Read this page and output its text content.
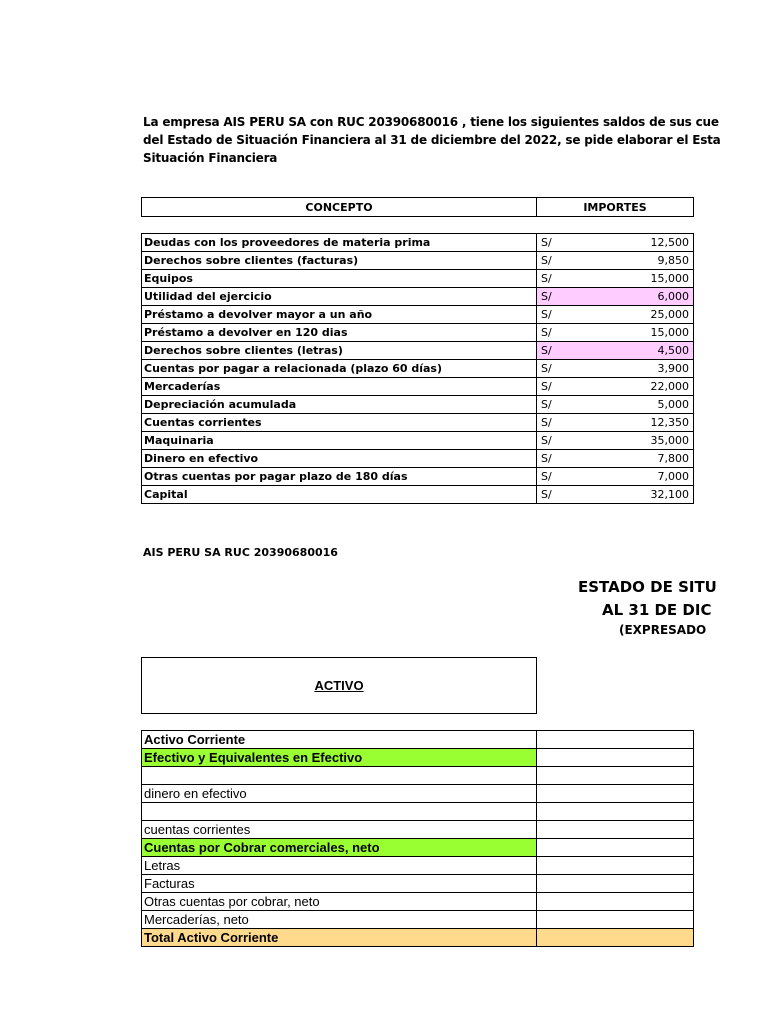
La empresa AIS PERU SA con RUC 20390680016 , tiene los siguientes saldos de sus cue
del Estado de Situación Financiera al 31 de diciembre del 2022, se pide elaborar el Esta
Situación Financiera
CONCEPTO	IMPORTES
Deudas con los proveedores de materia prima	S/ 12,500

Derechos sobre clientes (facturas)	S/ 9,850

Equipos	S/ 15,000

Utilidad del ejercicio	S/ 6,000

Préstamo a devolver mayor a un año	S/ 25,000

Préstamo a devolver en 120 dias	S/ 15,000

Derechos sobre clientes (letras)	S/ 4,500

Cuentas por pagar a relacionada (plazo 60 días)	S/ 3,900

Mercaderías	S/ 22,000

Depreciación acumulada	S/ 5,000

Cuentas corrientes	S/ 12,350

Maquinaria	S/ 35,000

Dinero en efectivo	S/ 7,800

Otras cuentas por pagar plazo de 180 días	S/ 7,000

Capital	S/ 32,100
AIS PERU SA RUC 20390680016
ESTADO DE SITU
AL 31 DE DIC
(EXPRESADO
ACTIVO
Activo Corriente	
Efectivo y Equivalentes en Efectivo	

dinero en efectivo	

cuentas corrientes	
Cuentas por Cobrar comerciales, neto	
Letras	
Facturas	
Otras cuentas por cobrar, neto	
Mercaderías, neto	
Total Activo Corriente	
